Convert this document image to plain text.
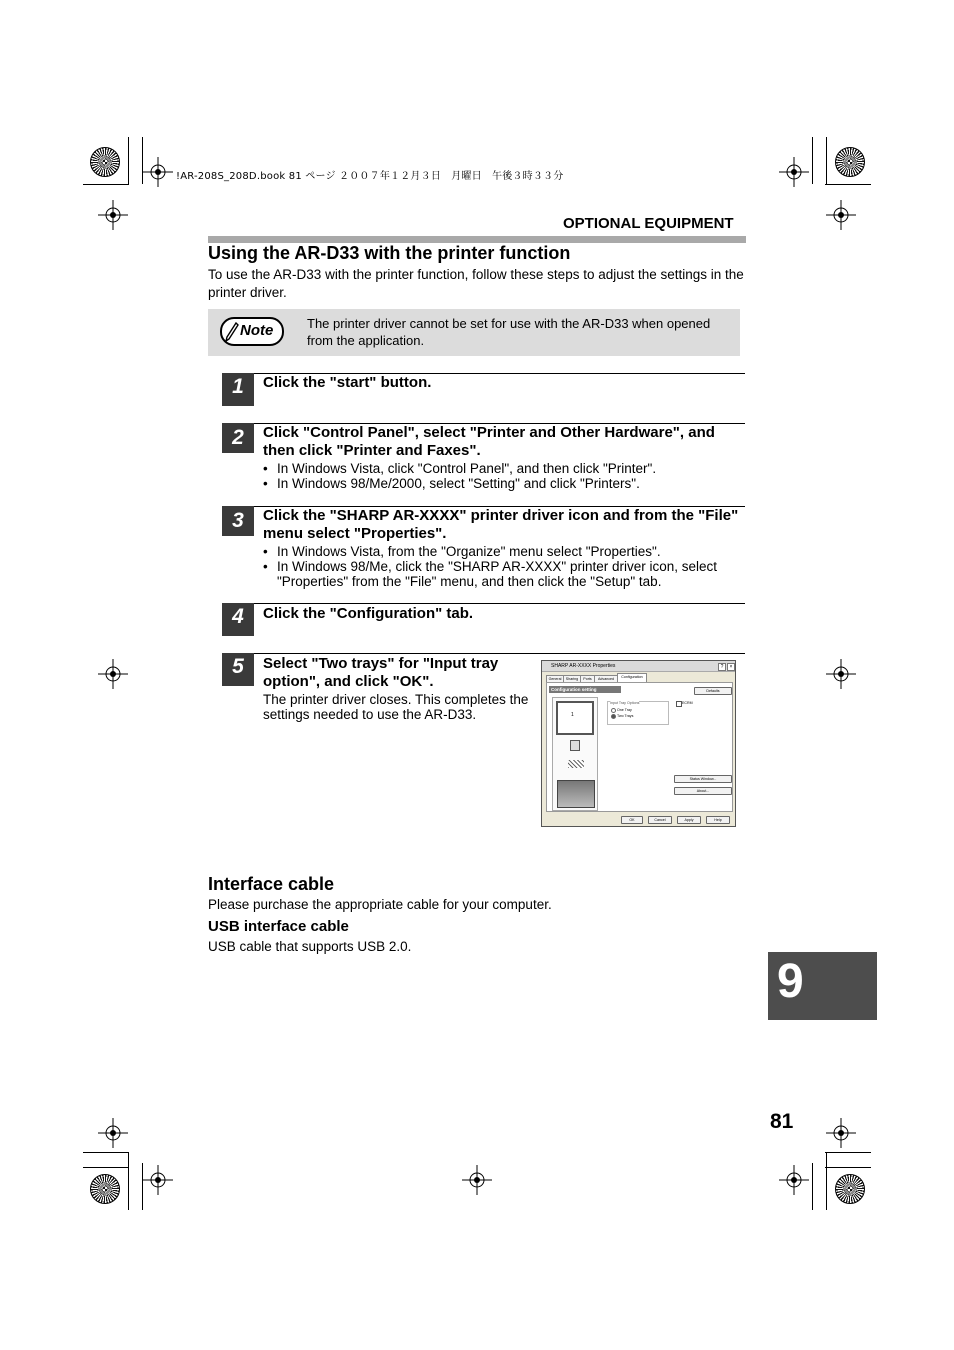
!AR-208S_208D.book 81 ページ ２００７年１２月３日　月曜日　午後３時３３分
OPTIONAL EQUIPMENT
Using the AR-D33 with the printer function
To use the AR-D33 with the printer function, follow these steps to adjust the settings in the printer driver.
Note	The printer driver cannot be set for use with the AR-D33 when opened from the application.
1	Click the "start" button.
2	Click "Control Panel", select "Printer and Other Hardware", and then click "Printer and Faxes".
• In Windows Vista, click "Control Panel", and then click "Printer".
• In Windows 98/Me/2000, select "Setting" and click "Printers".
3	Click the "SHARP AR-XXXX" printer driver icon and from the "File" menu select "Properties".
• In Windows Vista, from the "Organize" menu select "Properties".
• In Windows 98/Me, click the "SHARP AR-XXXX" printer driver icon, select "Properties" from the "File" menu, and then click the "Setup" tab.
4	Click the "Configuration" tab.
5	Select "Two trays" for "Input tray option", and click "OK".
The printer driver closes. This completes the settings needed to use the AR-D33.
SHARP AR-XXXX Properties	?	×
General	Sharing	Ports	Advanced	Configuration
Configuration setting	Defaults
1
Input Tray Options
One Tray
Two Trays
ECRM
Status Window...
About...
OK	Cancel	Apply	Help
Interface cable
Please purchase the appropriate cable for your computer.
USB interface cable
USB cable that supports USB 2.0.
9
81
